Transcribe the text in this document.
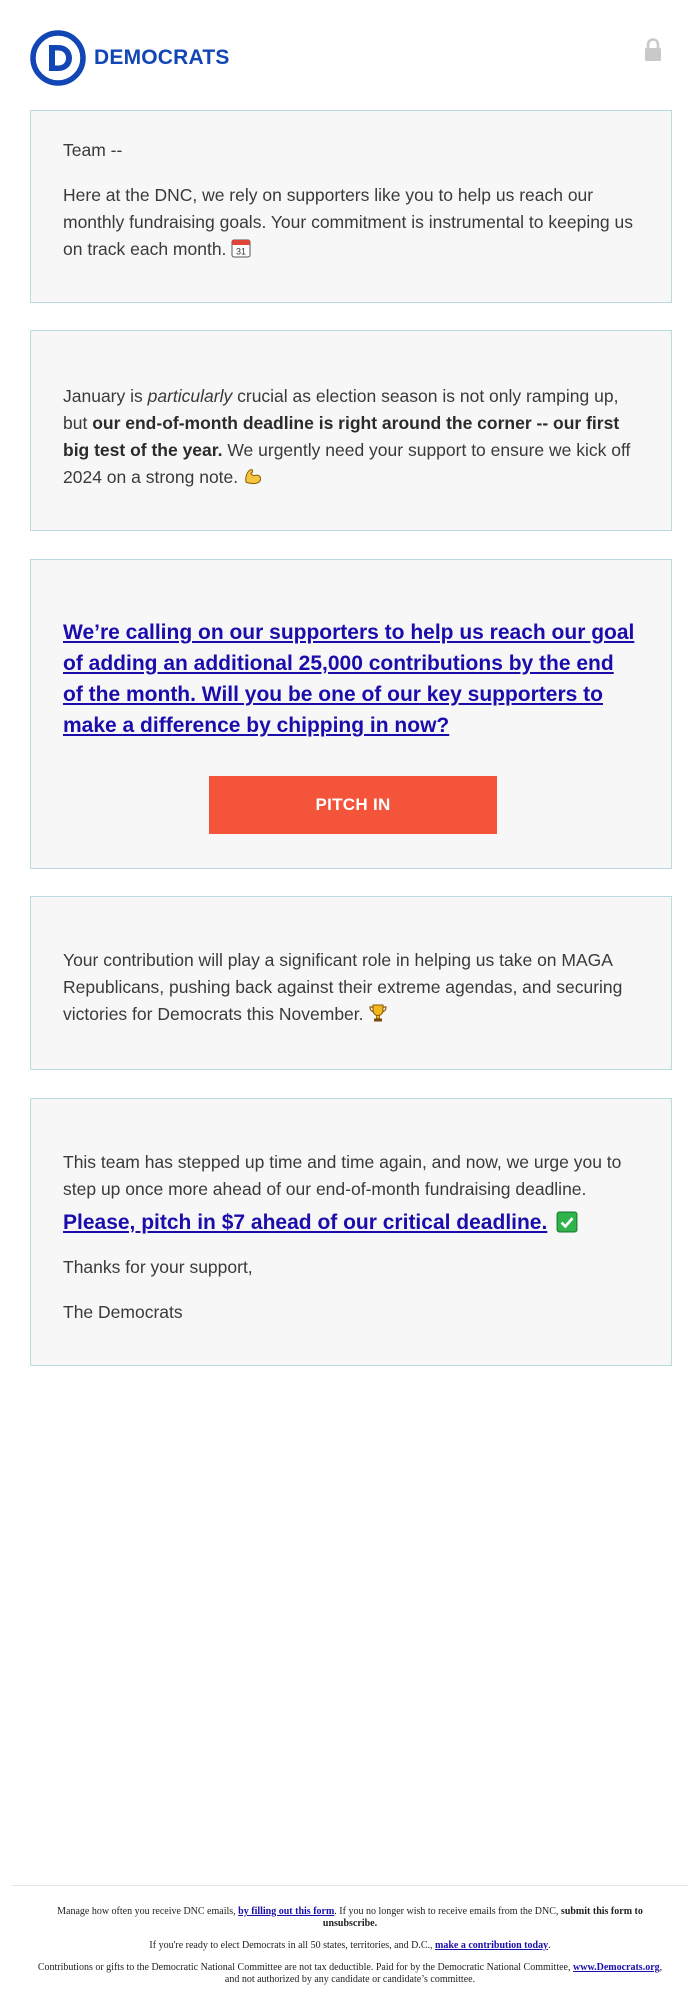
DEMOCRATS

Team --

Here at the DNC, we rely on supporters like you to help us reach our monthly fundraising goals. Your commitment is instrumental to keeping us on track each month. 31

January is particularly crucial as election season is not only ramping up, but our end-of-month deadline is right around the corner -- our first big test of the year. We urgently need your support to ensure we kick off 2024 on a strong note.

We’re calling on our supporters to help us reach our goal of adding an additional 25,000 contributions by the end of the month. Will you be one of our key supporters to make a difference by chipping in now?
PITCH IN

Your contribution will play a significant role in helping us take on MAGA Republicans, pushing back against their extreme agendas, and securing victories for Democrats this November.

This team has stepped up time and time again, and now, we urge you to step up once more ahead of our end-of-month fundraising deadline.

Please, pitch in $7 ahead of our critical deadline.

Thanks for your support,

The Democrats

Manage how often you receive DNC emails, by filling out this form. If you no longer wish to receive emails from the DNC, submit this form to unsubscribe.

If you're ready to elect Democrats in all 50 states, territories, and D.C., make a contribution today.

Contributions or gifts to the Democratic National Committee are not tax deductible. Paid for by the Democratic National Committee, www.Democrats.org, and not authorized by any candidate or candidate’s committee.
